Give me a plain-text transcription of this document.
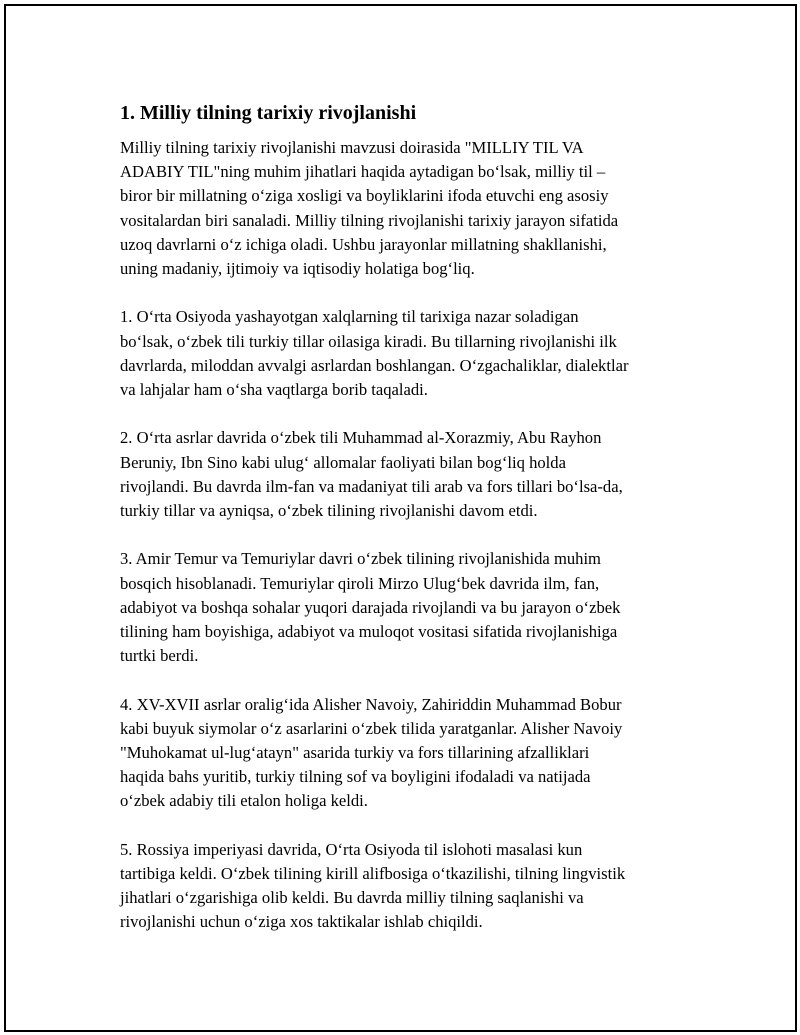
1. Milliy tilning tarixiy rivojlanishi

Milliy tilning tarixiy rivojlanishi mavzusi doirasida "MILLIY TIL VA
ADABIY TIL"ning muhim jihatlari haqida aytadigan bo‘lsak, milliy til –
biror bir millatning o‘ziga xosligi va boyliklarini ifoda etuvchi eng asosiy
vositalardan biri sanaladi. Milliy tilning rivojlanishi tarixiy jarayon sifatida
uzoq davrlarni o‘z ichiga oladi. Ushbu jarayonlar millatning shakllanishi,
uning madaniy, ijtimoiy va iqtisodiy holatiga bog‘liq.

1. O‘rta Osiyoda yashayotgan xalqlarning til tarixiga nazar soladigan
bo‘lsak, o‘zbek tili turkiy tillar oilasiga kiradi. Bu tillarning rivojlanishi ilk
davrlarda, miloddan avvalgi asrlardan boshlangan. O‘zgachaliklar, dialektlar
va lahjalar ham o‘sha vaqtlarga borib taqaladi.

2. O‘rta asrlar davrida o‘zbek tili Muhammad al-Xorazmiy, Abu Rayhon
Beruniy, Ibn Sino kabi ulug‘ allomalar faoliyati bilan bog‘liq holda
rivojlandi. Bu davrda ilm-fan va madaniyat tili arab va fors tillari bo‘lsa-da,
turkiy tillar va ayniqsa, o‘zbek tilining rivojlanishi davom etdi.

3. Amir Temur va Temuriylar davri o‘zbek tilining rivojlanishida muhim
bosqich hisoblanadi. Temuriylar qiroli Mirzo Ulug‘bek davrida ilm, fan,
adabiyot va boshqa sohalar yuqori darajada rivojlandi va bu jarayon o‘zbek
tilining ham boyishiga, adabiyot va muloqot vositasi sifatida rivojlanishiga
turtki berdi.

4. XV-XVII asrlar oralig‘ida Alisher Navoiy, Zahiriddin Muhammad Bobur
kabi buyuk siymolar o‘z asarlarini o‘zbek tilida yaratganlar. Alisher Navoiy
"Muhokamat ul-lug‘atayn" asarida turkiy va fors tillarining afzalliklari
haqida bahs yuritib, turkiy tilning sof va boyligini ifodaladi va natijada
o‘zbek adabiy tili etalon holiga keldi.

5. Rossiya imperiyasi davrida, O‘rta Osiyoda til islohoti masalasi kun
tartibiga keldi. O‘zbek tilining kirill alifbosiga o‘tkazilishi, tilning lingvistik
jihatlari o‘zgarishiga olib keldi. Bu davrda milliy tilning saqlanishi va
rivojlanishi uchun o‘ziga xos taktikalar ishlab chiqildi.
